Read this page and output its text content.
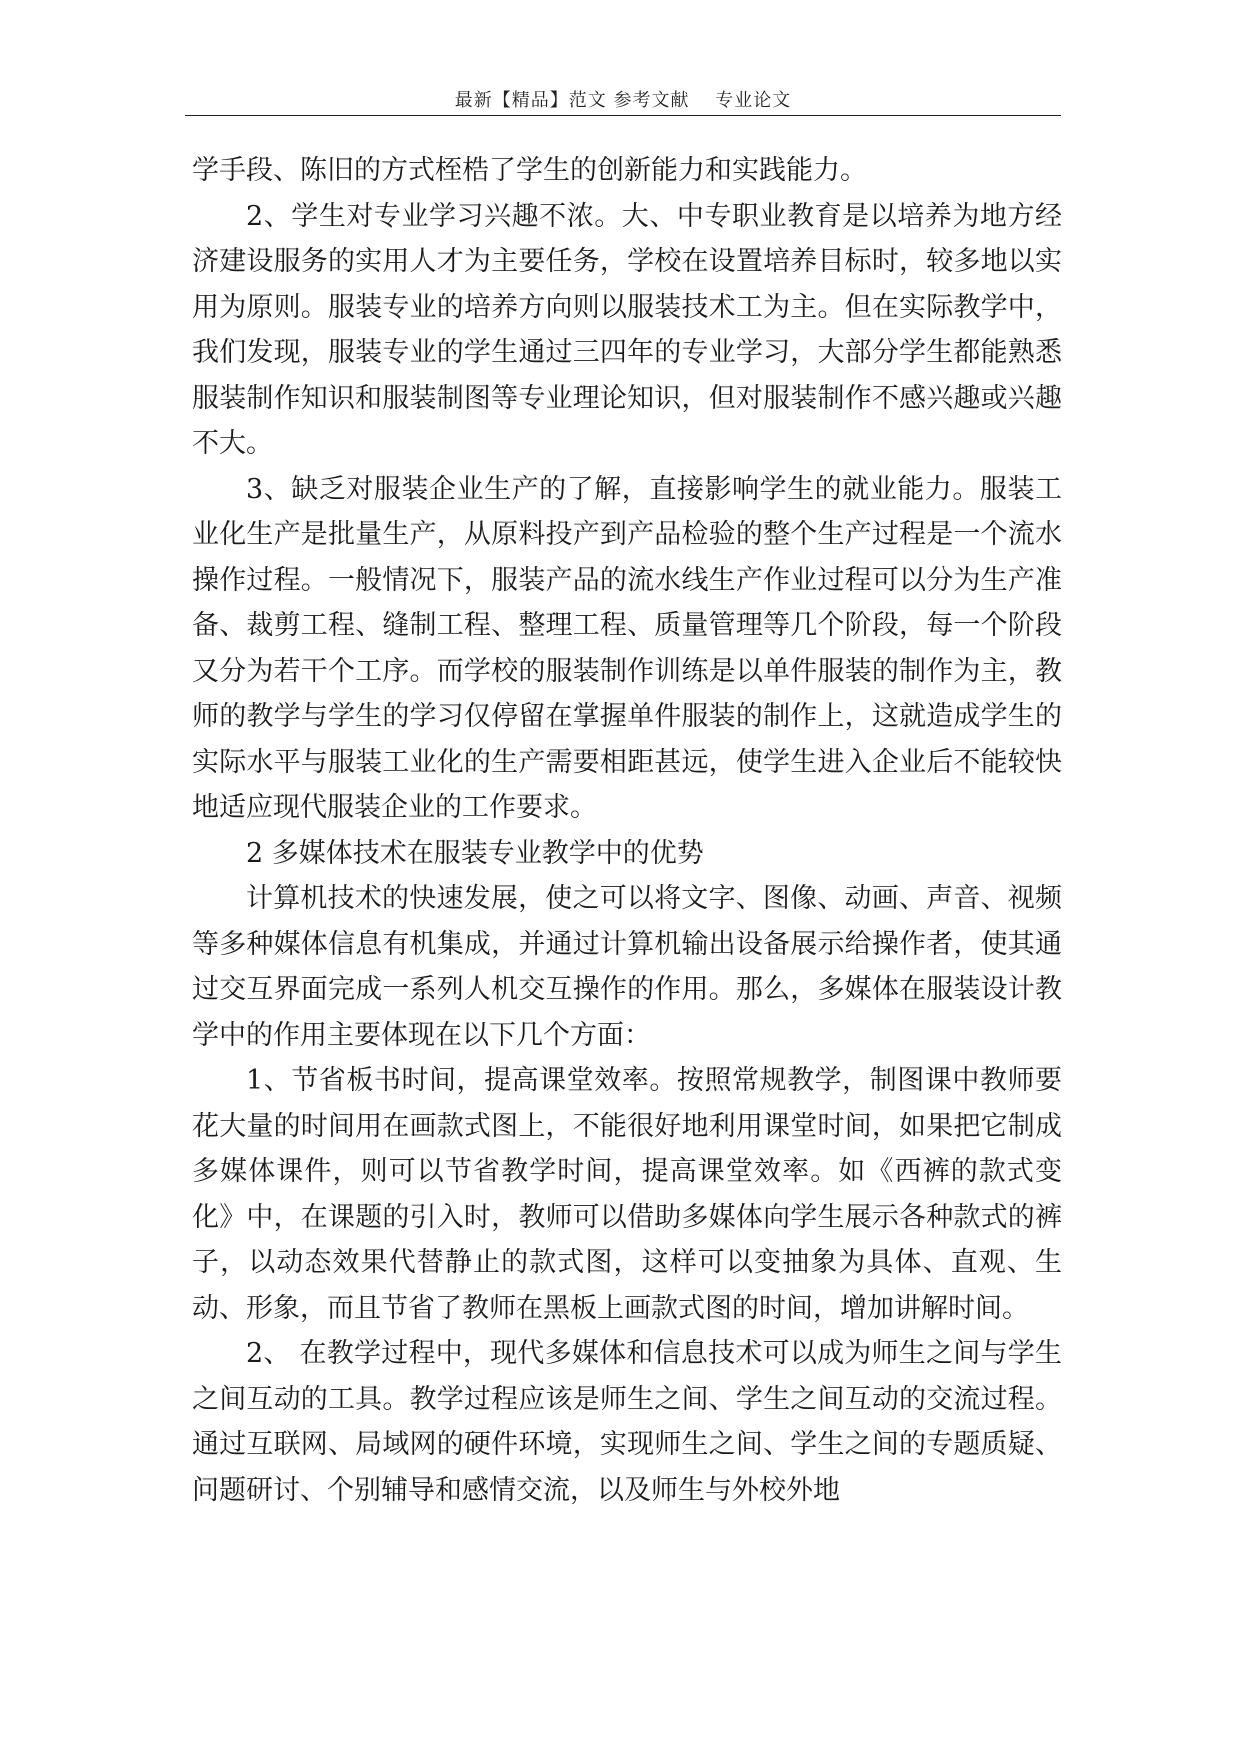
最新【精品】范文 参考文献 　专业论文

学手段、陈旧的方式桎梏了学生的创新能力和实践能力。

2、学生对专业学习兴趣不浓。大、中专职业教育是以培养为地方经济建设服务的实用人才为主要任务，学校在设置培养目标时，较多地以实用为原则。服装专业的培养方向则以服装技术工为主。但在实际教学中，我们发现，服装专业的学生通过三四年的专业学习，大部分学生都能熟悉服装制作知识和服装制图等专业理论知识，但对服装制作不感兴趣或兴趣不大。

3、缺乏对服装企业生产的了解，直接影响学生的就业能力。服装工业化生产是批量生产，从原料投产到产品检验的整个生产过程是一个流水操作过程。一般情况下，服装产品的流水线生产作业过程可以分为生产准备、裁剪工程、缝制工程、整理工程、质量管理等几个阶段，每一个阶段又分为若干个工序。而学校的服装制作训练是以单件服装的制作为主，教师的教学与学生的学习仅停留在掌握单件服装的制作上，这就造成学生的实际水平与服装工业化的生产需要相距甚远，使学生进入企业后不能较快地适应现代服装企业的工作要求。

2 多媒体技术在服装专业教学中的优势

计算机技术的快速发展，使之可以将文字、图像、动画、声音、视频等多种媒体信息有机集成，并通过计算机输出设备展示给操作者，使其通过交互界面完成一系列人机交互操作的作用。那么，多媒体在服装设计教学中的作用主要体现在以下几个方面：

1、节省板书时间，提高课堂效率。按照常规教学，制图课中教师要花大量的时间用在画款式图上，不能很好地利用课堂时间，如果把它制成多媒体课件，则可以节省教学时间，提高课堂效率。如《西裤的款式变化》中，在课题的引入时，教师可以借助多媒体向学生展示各种款式的裤子，以动态效果代替静止的款式图，这样可以变抽象为具体、直观、生动、形象，而且节省了教师在黑板上画款式图的时间，增加讲解时间。

2、 在教学过程中，现代多媒体和信息技术可以成为师生之间与学生之间互动的工具。教学过程应该是师生之间、学生之间互动的交流过程。通过互联网、局域网的硬件环境，实现师生之间、学生之间的专题质疑、问题研讨、个别辅导和感情交流，以及师生与外校外地
